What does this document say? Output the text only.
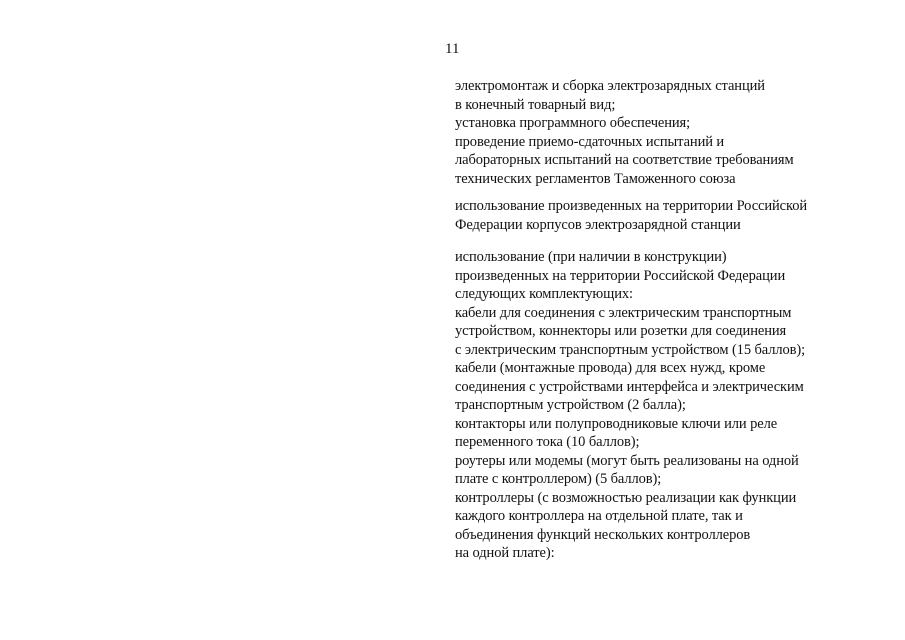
11
электромонтаж и сборка электрозарядных станций
в конечный товарный вид;
установка программного обеспечения;
проведение приемо-сдаточных испытаний и
лабораторных испытаний на соответствие требованиям
технических регламентов Таможенного союза
использование произведенных на территории Российской
Федерации корпусов электрозарядной станции
использование (при наличии в конструкции)
произведенных на территории Российской Федерации
следующих комплектующих:
кабели для соединения с электрическим транспортным
устройством, коннекторы или розетки для соединения
с электрическим транспортным устройством (15 баллов);
кабели (монтажные провода) для всех нужд, кроме
соединения с устройствами интерфейса и электрическим
транспортным устройством (2 балла);
контакторы или полупроводниковые ключи или реле
переменного тока (10 баллов);
роутеры или модемы (могут быть реализованы на одной
плате с контроллером) (5 баллов);
контроллеры (с возможностью реализации как функции
каждого контроллера на отдельной плате, так и
объединения функций нескольких контроллеров
на одной плате):
